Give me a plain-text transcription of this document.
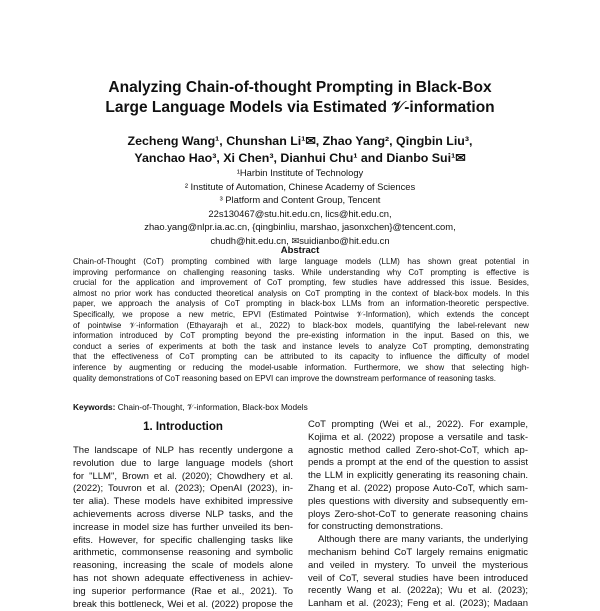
Analyzing Chain-of-thought Prompting in Black-Box
Large Language Models via Estimated 𝒱-information
Zecheng Wang¹, Chunshan Li¹✉, Zhao Yang², Qingbin Liu³,
Yanchao Hao³, Xi Chen³, Dianhui Chu¹ and Dianbo Sui¹✉
¹Harbin Institute of Technology
² Institute of Automation, Chinese Academy of Sciences
³ Platform and Content Group, Tencent
22s130467@stu.hit.edu.cn, lics@hit.edu.cn,
zhao.yang@nlpr.ia.ac.cn, {qingbinliu, marshao, jasonxchen}@tencent.com,
chudh@hit.edu.cn, ✉suidianbo@hit.edu.cn
Abstract
Chain-of-Thought (CoT) prompting combined with large language models (LLM) has shown great potential in
improving performance on challenging reasoning tasks. While understanding why CoT prompting is effective is
crucial for the application and improvement of CoT prompting, few studies have addressed this issue. Besides,
almost no prior work has conducted theoretical analysis on CoT prompting in the context of black-box models. In this
paper, we approach the analysis of CoT prompting in black-box LLMs from an information-theoretic perspective.
Specifically, we propose a new metric, EPVI (Estimated Pointwise 𝒱-Information), which extends the concept
of pointwise 𝒱-information (Ethayarajh et al., 2022) to black-box models, quantifying the label-relevant new
information introduced by CoT prompting beyond the pre-existing information in the input. Based on this, we
conduct a series of experiments at both the task and instance levels to analyze CoT prompting, demonstrating
that the effectiveness of CoT prompting can be attributed to its capacity to influence the difficulty of model
inference by augmenting or reducing the model-usable information. Furthermore, we show that selecting high-
quality demonstrations of CoT reasoning based on EPVI can improve the downstream performance of reasoning tasks.
Keywords: Chain-of-Thought, 𝒱-information, Black-box Models
1. Introduction
The landscape of NLP has recently undergone a
revolution due to large language models (short
for "LLM", Brown et al. (2020); Chowdhery et al.
(2022); Touvron et al. (2023); OpenAI (2023), in-
ter alia). These models have exhibited impressive
achievements across diverse NLP tasks, and the
increase in model size has further unveiled its ben-
efits. However, for specific challenging tasks like
arithmetic, commonsense reasoning and symbolic
reasoning, increasing the scale of models alone
has not shown adequate effectiveness in achiev-
ing superior performance (Rae et al., 2021). To
break this bottleneck, Wei et al. (2022) propose the
CoT prompting (Wei et al., 2022). For example,
Kojima et al. (2022) propose a versatile and task-
agnostic method called Zero-shot-CoT, which ap-
pends a prompt at the end of the question to assist
the LLM in explicitly generating its reasoning chain.
Zhang et al. (2022) propose Auto-CoT, which sam-
ples questions with diversity and subsequently em-
ploys Zero-shot-CoT to generate reasoning chains
for constructing demonstrations.
Although there are many variants, the underlying
mechanism behind CoT largely remains enigmatic
and veiled in mystery. To unveil the mysterious
veil of CoT, several studies have been introduced
recently Wang et al. (2022a); Wu et al. (2023);
Lanham et al. (2023); Feng et al. (2023); Madaan
